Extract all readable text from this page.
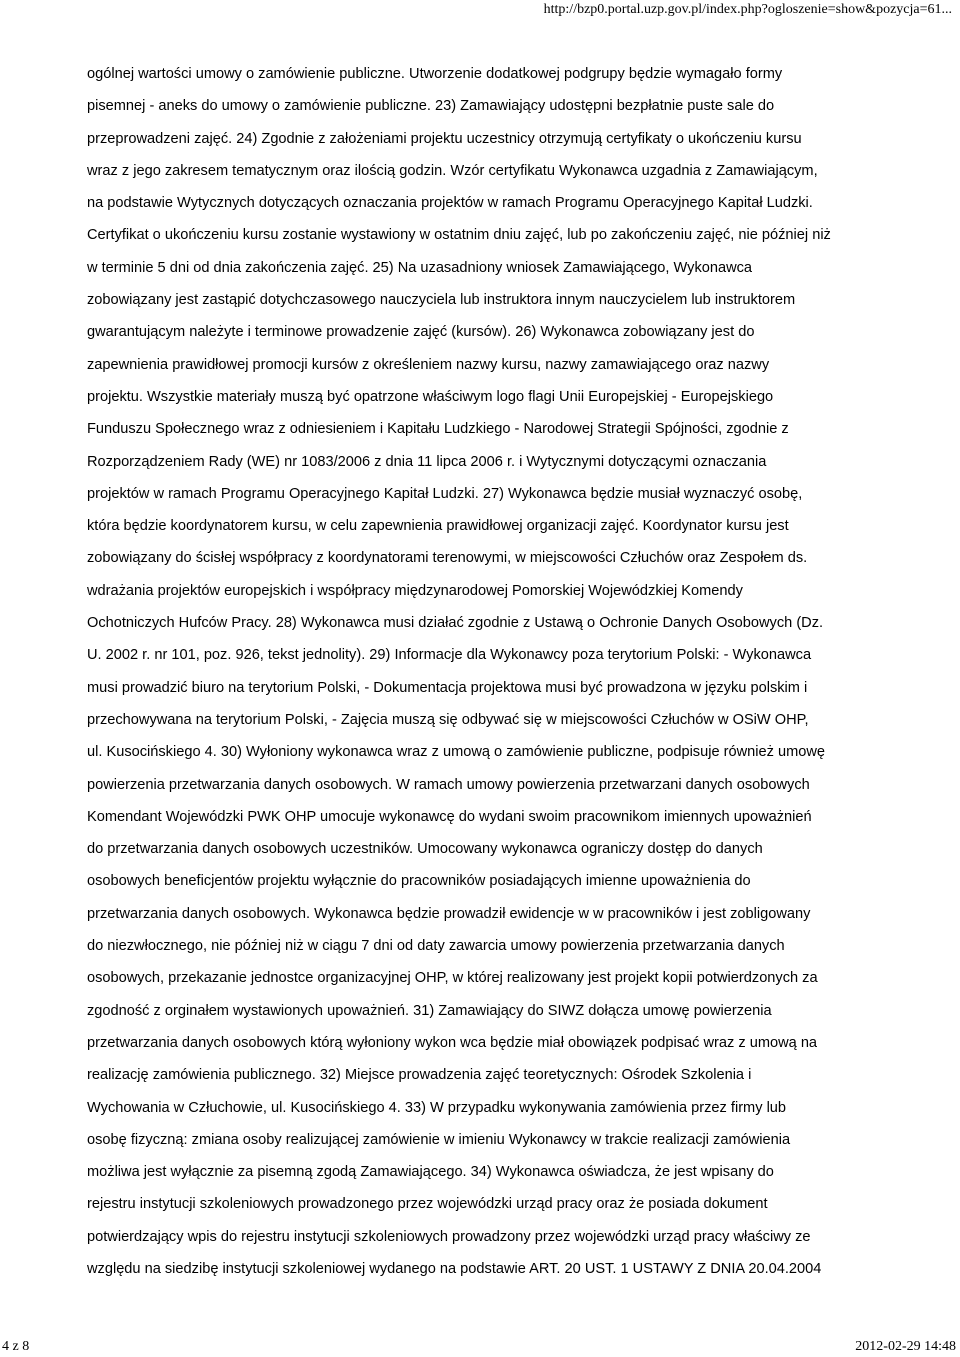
http://bzp0.portal.uzp.gov.pl/index.php?ogloszenie=show&pozycja=61...
ogólnej wartości umowy o zamówienie publiczne. Utworzenie dodatkowej podgrupy będzie wymagało formy
pisemnej - aneks do umowy o zamówienie publiczne. 23) Zamawiający udostępni bezpłatnie puste sale do
przeprowadzeni zajęć. 24) Zgodnie z założeniami projektu uczestnicy otrzymują certyfikaty o ukończeniu kursu
wraz z jego zakresem tematycznym oraz ilością godzin. Wzór certyfikatu Wykonawca uzgadnia z Zamawiającym,
na podstawie Wytycznych dotyczących oznaczania projektów w ramach Programu Operacyjnego Kapitał Ludzki.
Certyfikat o ukończeniu kursu zostanie wystawiony w ostatnim dniu zajęć, lub po zakończeniu zajęć, nie później niż
w terminie 5 dni od dnia zakończenia zajęć. 25) Na uzasadniony wniosek Zamawiającego, Wykonawca
zobowiązany jest zastąpić dotychczasowego nauczyciela lub instruktora innym nauczycielem lub instruktorem
gwarantującym należyte i terminowe prowadzenie zajęć (kursów). 26) Wykonawca zobowiązany jest do
zapewnienia prawidłowej promocji kursów z określeniem nazwy kursu, nazwy zamawiającego oraz nazwy
projektu. Wszystkie materiały muszą być opatrzone właściwym logo flagi Unii Europejskiej - Europejskiego
Funduszu Społecznego wraz z odniesieniem i Kapitału Ludzkiego - Narodowej Strategii Spójności, zgodnie z
Rozporządzeniem Rady (WE) nr 1083/2006 z dnia 11 lipca 2006 r. i Wytycznymi dotyczącymi oznaczania
projektów w ramach Programu Operacyjnego Kapitał Ludzki. 27) Wykonawca będzie musiał wyznaczyć osobę,
która będzie koordynatorem kursu, w celu zapewnienia prawidłowej organizacji zajęć. Koordynator kursu jest
zobowiązany do ścisłej współpracy z koordynatorami terenowymi, w miejscowości Człuchów oraz Zespołem ds.
wdrażania projektów europejskich i współpracy międzynarodowej Pomorskiej Wojewódzkiej Komendy
Ochotniczych Hufców Pracy. 28) Wykonawca musi działać zgodnie z Ustawą o Ochronie Danych Osobowych (Dz.
U. 2002 r. nr 101, poz. 926, tekst jednolity). 29) Informacje dla Wykonawcy poza terytorium Polski: - Wykonawca
musi prowadzić biuro na terytorium Polski, - Dokumentacja projektowa musi być prowadzona w języku polskim i
przechowywana na terytorium Polski, - Zajęcia muszą się odbywać się w miejscowości Człuchów w OSiW OHP,
ul. Kusocińskiego 4. 30) Wyłoniony wykonawca wraz z umową o zamówienie publiczne, podpisuje również umowę
powierzenia przetwarzania danych osobowych. W ramach umowy powierzenia przetwarzani danych osobowych
Komendant Wojewódzki PWK OHP umocuje wykonawcę do wydani swoim pracownikom imiennych upoważnień
do przetwarzania danych osobowych uczestników. Umocowany wykonawca ograniczy dostęp do danych
osobowych beneficjentów projektu wyłącznie do pracowników posiadających imienne upoważnienia do
przetwarzania danych osobowych. Wykonawca będzie prowadził ewidencje w w pracowników i jest zobligowany
do niezwłocznego, nie później niż w ciągu 7 dni od daty zawarcia umowy powierzenia przetwarzania danych
osobowych, przekazanie jednostce organizacyjnej OHP, w której realizowany jest projekt kopii potwierdzonych za
zgodność z orginałem wystawionych upoważnień. 31) Zamawiający do SIWZ dołącza umowę powierzenia
przetwarzania danych osobowych którą wyłoniony wykon wca będzie miał obowiązek podpisać wraz z umową na
realizację zamówienia publicznego. 32) Miejsce prowadzenia zajęć teoretycznych: Ośrodek Szkolenia i
Wychowania w Człuchowie, ul. Kusocińskiego 4. 33) W przypadku wykonywania zamówienia przez firmy lub
osobę fizyczną: zmiana osoby realizującej zamówienie w imieniu Wykonawcy w trakcie realizacji zamówienia
możliwa jest wyłącznie za pisemną zgodą Zamawiającego. 34) Wykonawca oświadcza, że jest wpisany do
rejestru instytucji szkoleniowych prowadzonego przez wojewódzki urząd pracy oraz że posiada dokument
potwierdzający wpis do rejestru instytucji szkoleniowych prowadzony przez wojewódzki urząd pracy właściwy ze
względu na siedzibę instytucji szkoleniowej wydanego na podstawie ART. 20 UST. 1 USTAWY Z DNIA 20.04.2004
4 z 8	2012-02-29 14:48
